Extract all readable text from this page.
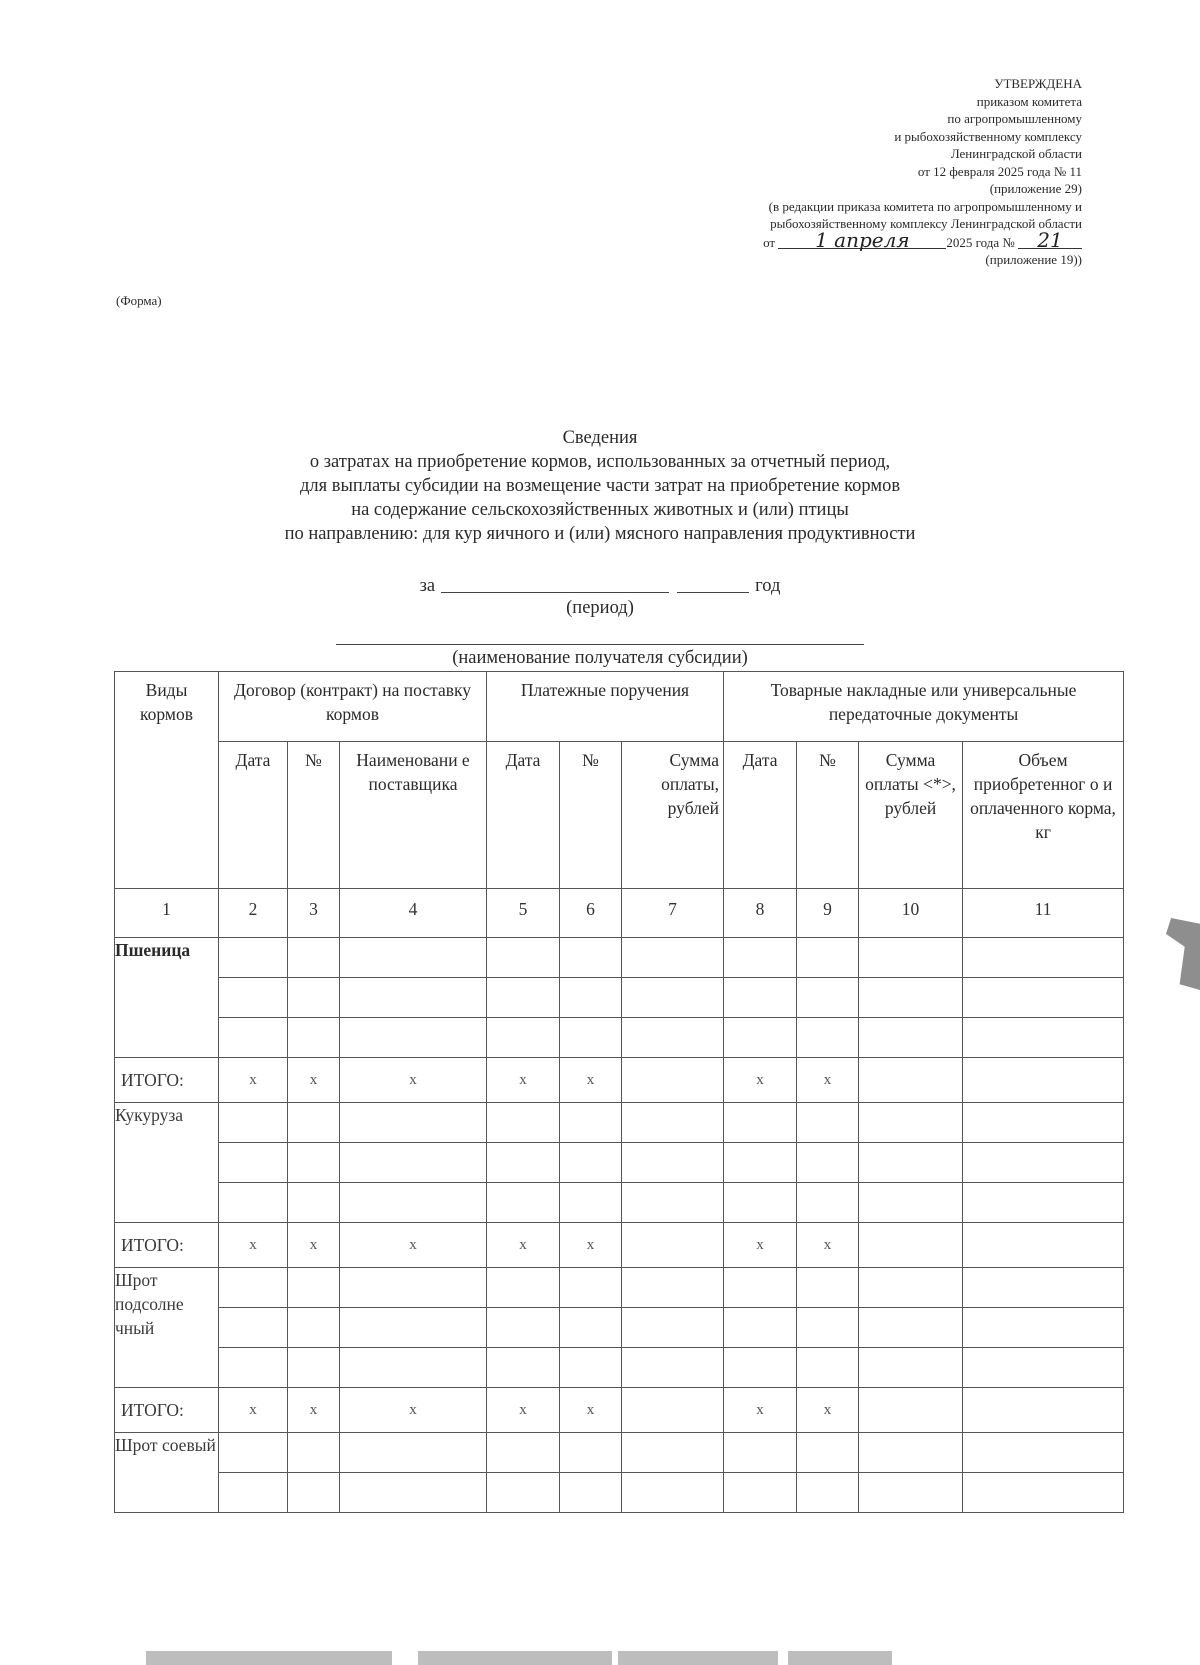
УТВЕРЖДЕНА
приказом комитета
по агропромышленному
и рыбохозяйственному комплексу
Ленинградской области
от 12 февраля 2025 года № 11
(приложение 29)
(в редакции приказа комитета по агропромышленному и
рыбохозяйственному комплексу Ленинградской области
от 1 апреля	2025 года № 21
(приложение 19))
(Форма)
Сведения
о затратах на приобретение кормов, использованных за отчетный период,
для выплаты субсидии на возмещение части затрат на приобретение кормов
на содержание сельскохозяйственных животных и (или) птицы
по направлению: для кур яичного и (или) мясного направления продуктивности
за	год
(период)
(наименование получателя субсидии)
Виды кормов	Договор (контракт) на поставку кормов			Платежные поручения			Товарные накладные или универсальные передаточные документы			
	Дата	№	Наименовани е поставщика	Дата	№	Сумма оплаты, рублей	Дата	№	Сумма оплаты <*>, рублей	Объем приобретенног о и оплаченного корма, кг
1	2	3	4	5	6	7	8	9	10	11
Пшеница										

ИТОГО:	x	x	x	x	x		x	x		
Кукуруза										

ИТОГО:	x	x	x	x	x		x	x		
Шрот подсолне чный										

ИТОГО:	x	x	x	x	x		x	x		
Шрот соевый										
